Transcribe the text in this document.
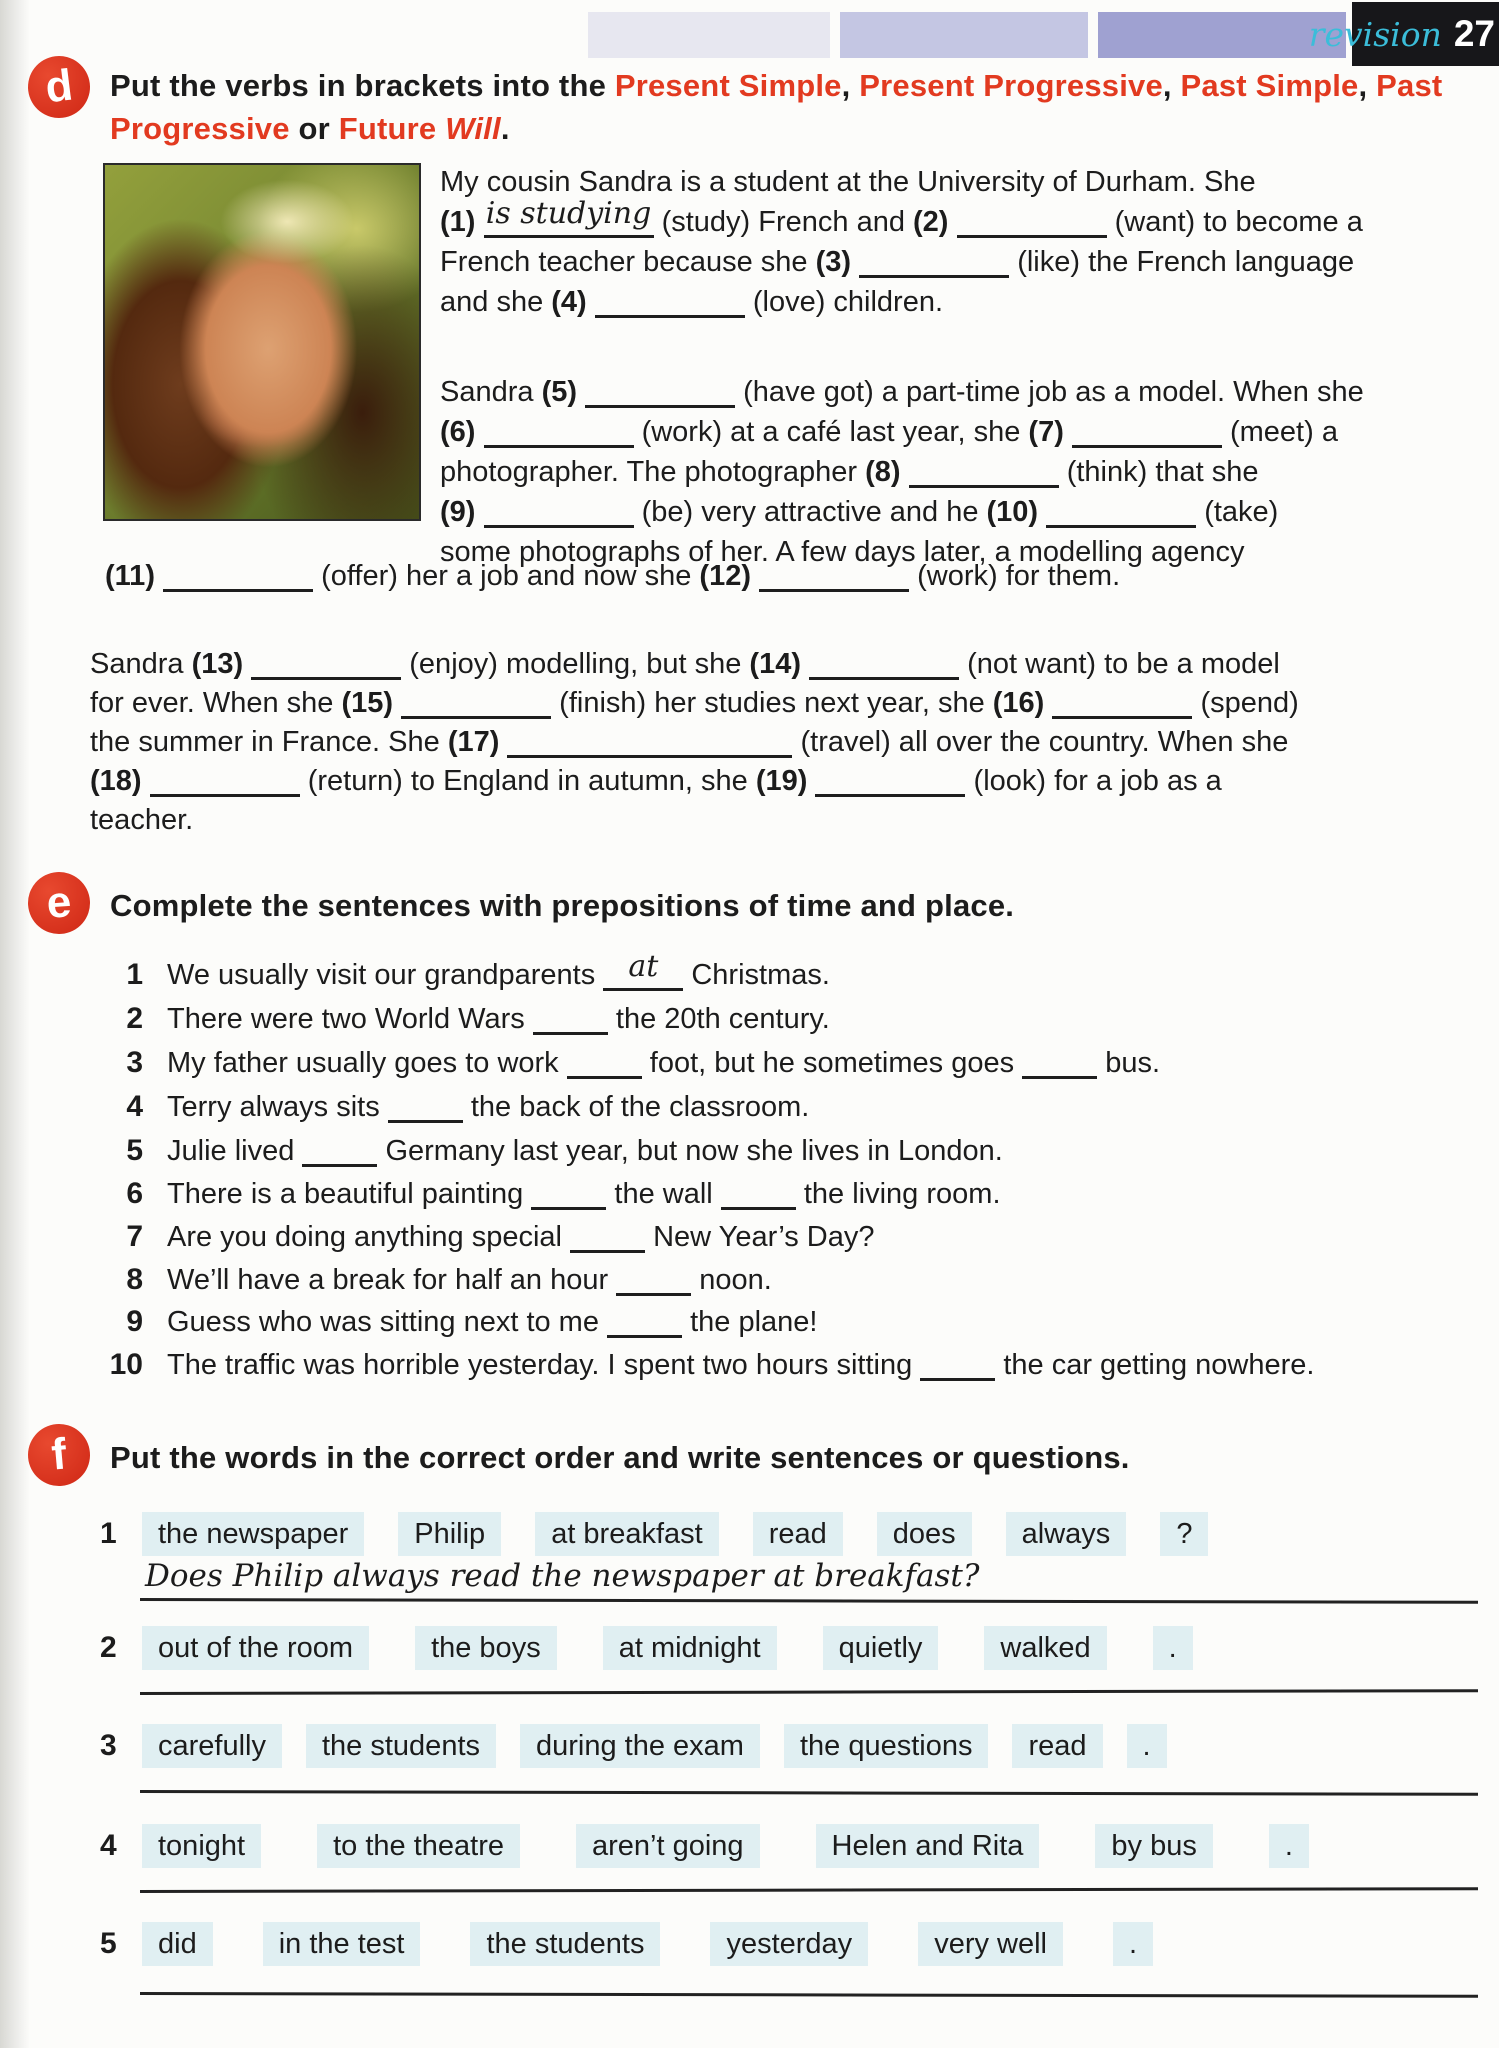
revision 27
d	Put the verbs in brackets into the Present Simple, Present Progressive, Past Simple, Past
Progressive or Future Will.
My cousin Sandra is a student at the University of Durham. She
(1) is studying (study) French and (2)	(want) to become a
French teacher because she (3)	(like) the French language
and she (4)	(love) children.
Sandra (5)	(have got) a part-time job as a model. When she
(6)	(work) at a café last year, she (7)	(meet) a
photographer. The photographer (8)	(think) that she
(9)	(be) very attractive and he (10)	(take)
some photographs of her. A few days later, a modelling agency
(11)	(offer) her a job and now she (12)	(work) for them.
Sandra (13)	(enjoy) modelling, but she (14)	(not want) to be a model
for ever. When she (15)	(finish) her studies next year, she (16)	(spend)
the summer in France. She (17)	(travel) all over the country. When she
(18)	(return) to England in autumn, she (19)	(look) for a job as a
teacher.
e	Complete the sentences with prepositions of time and place.
1 We usually visit our grandparents at Christmas.
2 There were two World Wars	the 20th century.
3 My father usually goes to work	foot, but he sometimes goes	bus.
4 Terry always sits	the back of the classroom.
5 Julie lived	Germany last year, but now she lives in London.
6 There is a beautiful painting	the wall	the living room.
7 Are you doing anything special	New Year’s Day?
8 We’ll have a break for half an hour	noon.
9 Guess who was sitting next to me	the plane!
10 The traffic was horrible yesterday. I spent two hours sitting	the car getting nowhere.
f	Put the words in the correct order and write sentences or questions.
1	the newspaper	Philip	at breakfast	read	does	always	?
Does Philip always read the newspaper at breakfast?
2	out of the room	the boys	at midnight	quietly	walked	.
3	carefully	the students	during the exam	the questions	read	.
4	tonight	to the theatre	aren’t going	Helen and Rita	by bus	.
5	did	in the test	the students	yesterday	very well	.
